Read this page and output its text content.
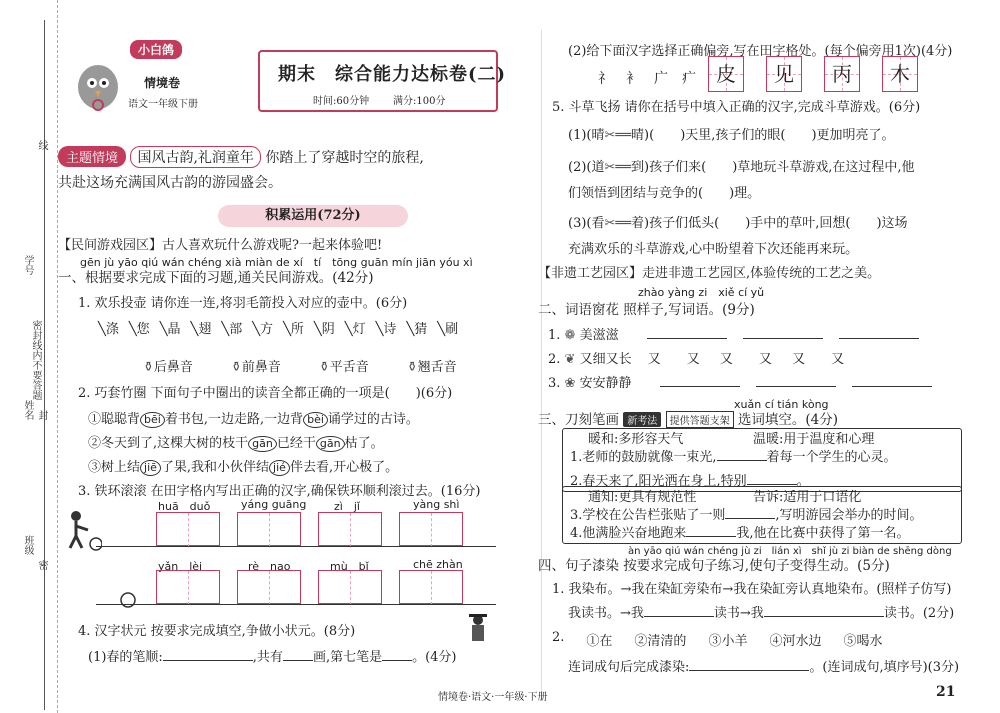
线
学号
密封线内不要答题
封
姓名
班级
密
小白鸽
情境卷
语文一年级下册
期末　综合能力达标卷(二)
时间:60分钟 满分:100分
主题情境 国风古韵,礼润童年 你踏上了穿越时空的旅程,
共赴这场充满国风古韵的游园盛会。
积累运用(72分)
【民间游戏园区】古人喜欢玩什么游戏呢?一起来体验吧!
gēn jù yāo qiú wán chéng xià miàn de xí　tí　tōng guān mín jiān yóu xì
一、根据要求完成下面的习题,通关民间游戏。(42分)
1. 欢乐投壶 请你连一连,将羽毛箭投入对应的壶中。(6分)
╲涤 ╲您 ╲晶 ╲翅 ╲部 ╲方 ╲所 ╲阴 ╲灯 ╲诗 ╲猜 ╲刷
⚱后鼻音	⚱前鼻音	⚱平舌音	⚱翘舌音
2. 巧套竹圈 下面句子中圈出的读音全都正确的一项是(　　)(6分)
①聪聪背 bēi 着书包,一边走路,一边背 bèi 诵学过的古诗。
②冬天到了,这棵大树的枝干 gān 已经干 gān 枯了。
③树上结 jiē 了果,我和小伙伴结 jié 伴去看,开心极了。
3. 铁环滚滚 在田字格内写出正确的汉字,确保铁环顺利滚过去。(16分)
huā　duǒ	yáng guāng	zì　jǐ	yàng shì
yǎn　lèi	rè　nao	mù　bǐ	chē zhàn
4. 汉字状元 按要求完成填空,争做小状元。(8分)
(1)春的笔顺:	,共有 画,第七笔是 。(4分)
(2)给下面汉字选择正确偏旁,写在田字格处。(每个偏旁用1次)(4分)
礻　衤　广　疒	皮	见	丙	木
5. 斗草飞扬 请你在括号中填入正确的汉字,完成斗草游戏。(6分)
(1)(晴✂══晴)(　　)天里,孩子们的眼(　　)更加明亮了。
(2)(道✂══到)孩子们来(　　)草地玩斗草游戏,在这过程中,他
们领悟到团结与竞争的(　　)理。
(3)(看✂══着)孩子们低头(　　)手中的草叶,回想(　　)这场
充满欢乐的斗草游戏,心中盼望着下次还能再来玩。
【非遗工艺园区】走进非遗工艺园区,体验传统的工艺之美。
zhào yàng zi　xiě cí yǔ
二、词语窗花 照样子,写词语。(9分)
1. ❁ 美滋滋
2. ❦ 又细又长 又　　又 又　　又 又　　又
3. ❀ 安安静静
xuǎn cí tián kòng
三、刀刻笔画 新考法 提供答题支架 选词填空。(4分)
暖和:多形容天气	温暖:用于温度和心理
1.老师的鼓励就像一束光,	着每一个学生的心灵。
2.春天来了,阳光洒在身上,特别	。
通知:更具有规范性	告诉:适用于口语化
3.学校在公告栏张贴了一则	,写明游园会举办的时间。
4.他满脸兴奋地跑来	我,他在比赛中获得了第一名。
àn yāo qiú wán chéng jù zi　lián xì　shǐ jù zi biàn de shēng dòng
四、句子漆染 按要求完成句子练习,使句子变得生动。(5分)
1. 我染布。→我在染缸旁染布→我在染缸旁认真地染布。(照样子仿写)
我读书。→我	读书→我	读书。(2分)
2. ①在 ②清清的 ③小羊 ④河水边 ⑤喝水
连词成句后完成漆染:	。(连词成句,填序号)(3分)
情境卷·语文·一年级·下册	21
